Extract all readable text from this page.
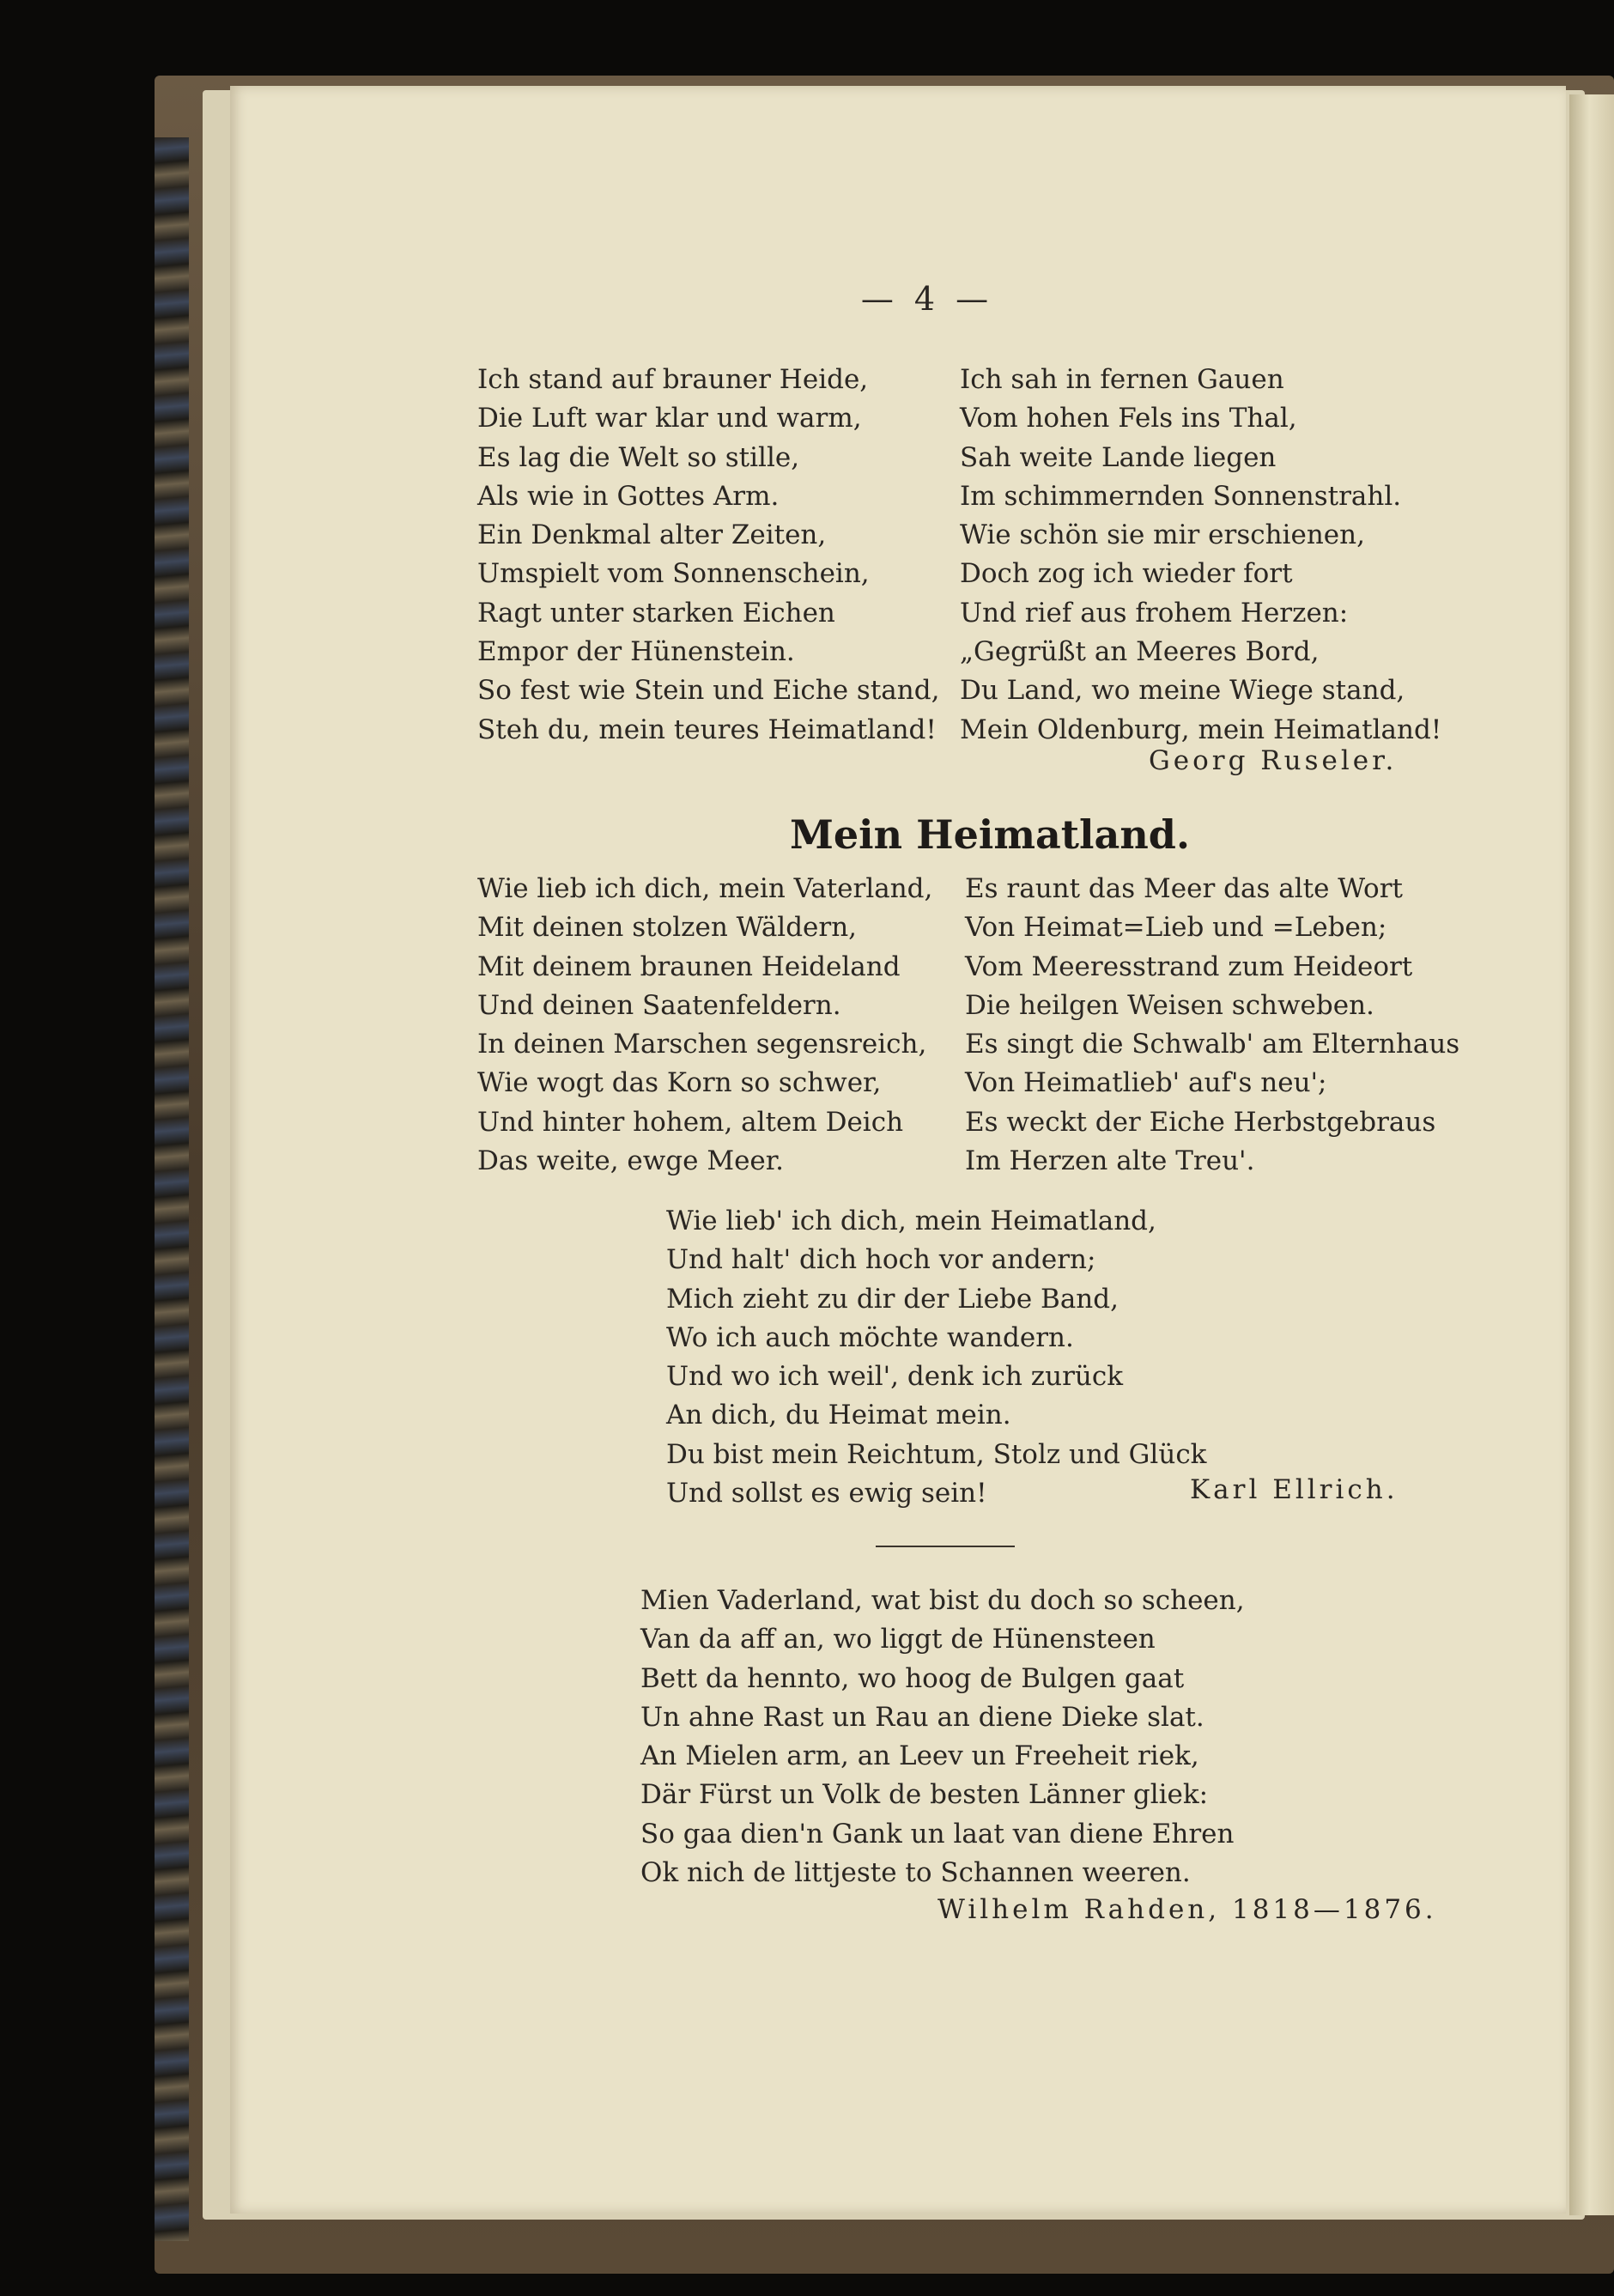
— 4 —
Ich stand auf brauner Heide,
Die Luft war klar und warm,
Es lag die Welt so stille,
Als wie in Gottes Arm.
Ein Denkmal alter Zeiten,
Umspielt vom Sonnenschein,
Ragt unter starken Eichen
Empor der Hünenstein.
So fest wie Stein und Eiche stand,
Steh du, mein teures Heimatland!
Ich sah in fernen Gauen
Vom hohen Fels ins Thal,
Sah weite Lande liegen
Im schimmernden Sonnenstrahl.
Wie schön sie mir erschienen,
Doch zog ich wieder fort
Und rief aus frohem Herzen:
„Gegrüßt an Meeres Bord,
Du Land, wo meine Wiege stand,
Mein Oldenburg, mein Heimatland!
Georg Ruseler.
Mein Heimatland.
Wie lieb ich dich, mein Vaterland,
Mit deinen stolzen Wäldern,
Mit deinem braunen Heideland
Und deinen Saatenfeldern.
In deinen Marschen segensreich,
Wie wogt das Korn so schwer,
Und hinter hohem, altem Deich
Das weite, ewge Meer.
Es raunt das Meer das alte Wort
Von Heimat=Lieb und =Leben;
Vom Meeresstrand zum Heideort
Die heilgen Weisen schweben.
Es singt die Schwalb' am Elternhaus
Von Heimatlieb' auf's neu';
Es weckt der Eiche Herbstgebraus
Im Herzen alte Treu'.
Wie lieb' ich dich, mein Heimatland,
Und halt' dich hoch vor andern;
Mich zieht zu dir der Liebe Band,
Wo ich auch möchte wandern.
Und wo ich weil', denk ich zurück
An dich, du Heimat mein.
Du bist mein Reichtum, Stolz und Glück
Und sollst es ewig sein!	Karl Ellrich.
Mien Vaderland, wat bist du doch so scheen,
Van da aff an, wo liggt de Hünensteen
Bett da henntо, wo hoog de Bulgen gaat
Un ahne Rast un Rau an diene Dieke slat.
An Mielen arm, an Leev un Freeheit riek,
Där Fürst un Volk de besten Länner gliek:
So gaa dien'n Gank un laat van diene Ehren
Ok nich de littjeste to Schannen weeren.
Wilhelm Rahden, 1818—1876.
